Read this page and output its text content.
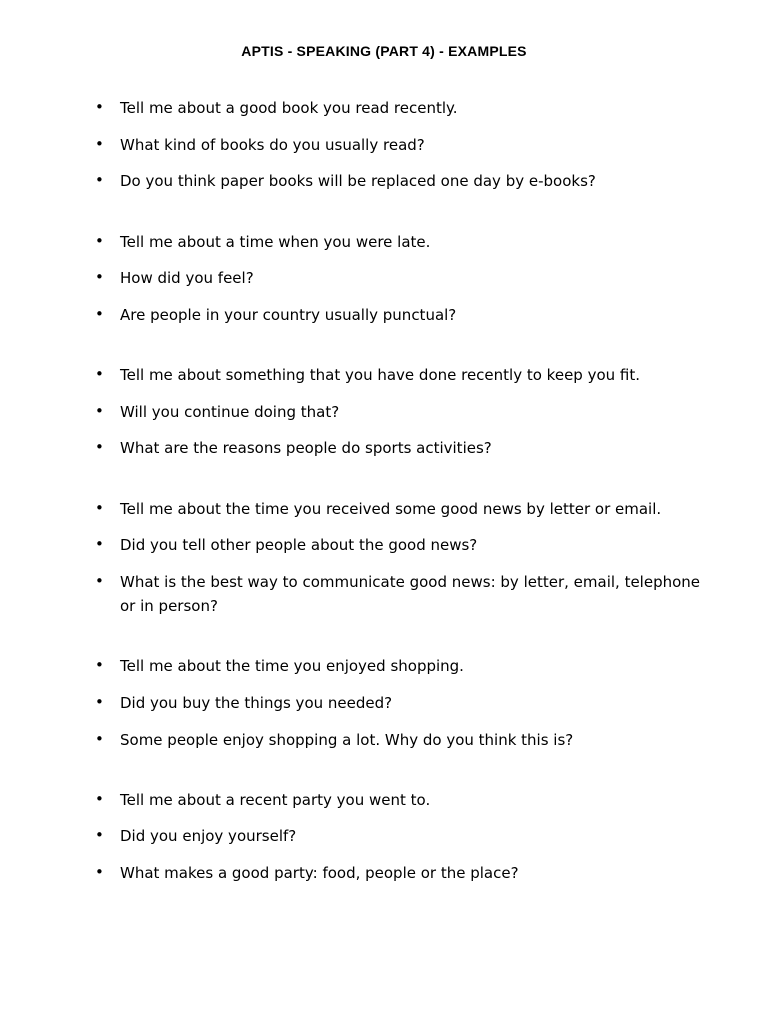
APTIS - SPEAKING (PART 4) - EXAMPLES
• Tell me about a good book you read recently.
• What kind of books do you usually read?
• Do you think paper books will be replaced one day by e-books?
• Tell me about a time when you were late.
• How did you feel?
• Are people in your country usually punctual?
• Tell me about something that you have done recently to keep you fit.
• Will you continue doing that?
• What are the reasons people do sports activities?
• Tell me about the time you received some good news by letter or email.
• Did you tell other people about the good news?
• What is the best way to communicate good news: by letter, email, telephone or in person?
• Tell me about the time you enjoyed shopping.
• Did you buy the things you needed?
• Some people enjoy shopping a lot. Why do you think this is?
• Tell me about a recent party you went to.
• Did you enjoy yourself?
• What makes a good party: food, people or the place?
